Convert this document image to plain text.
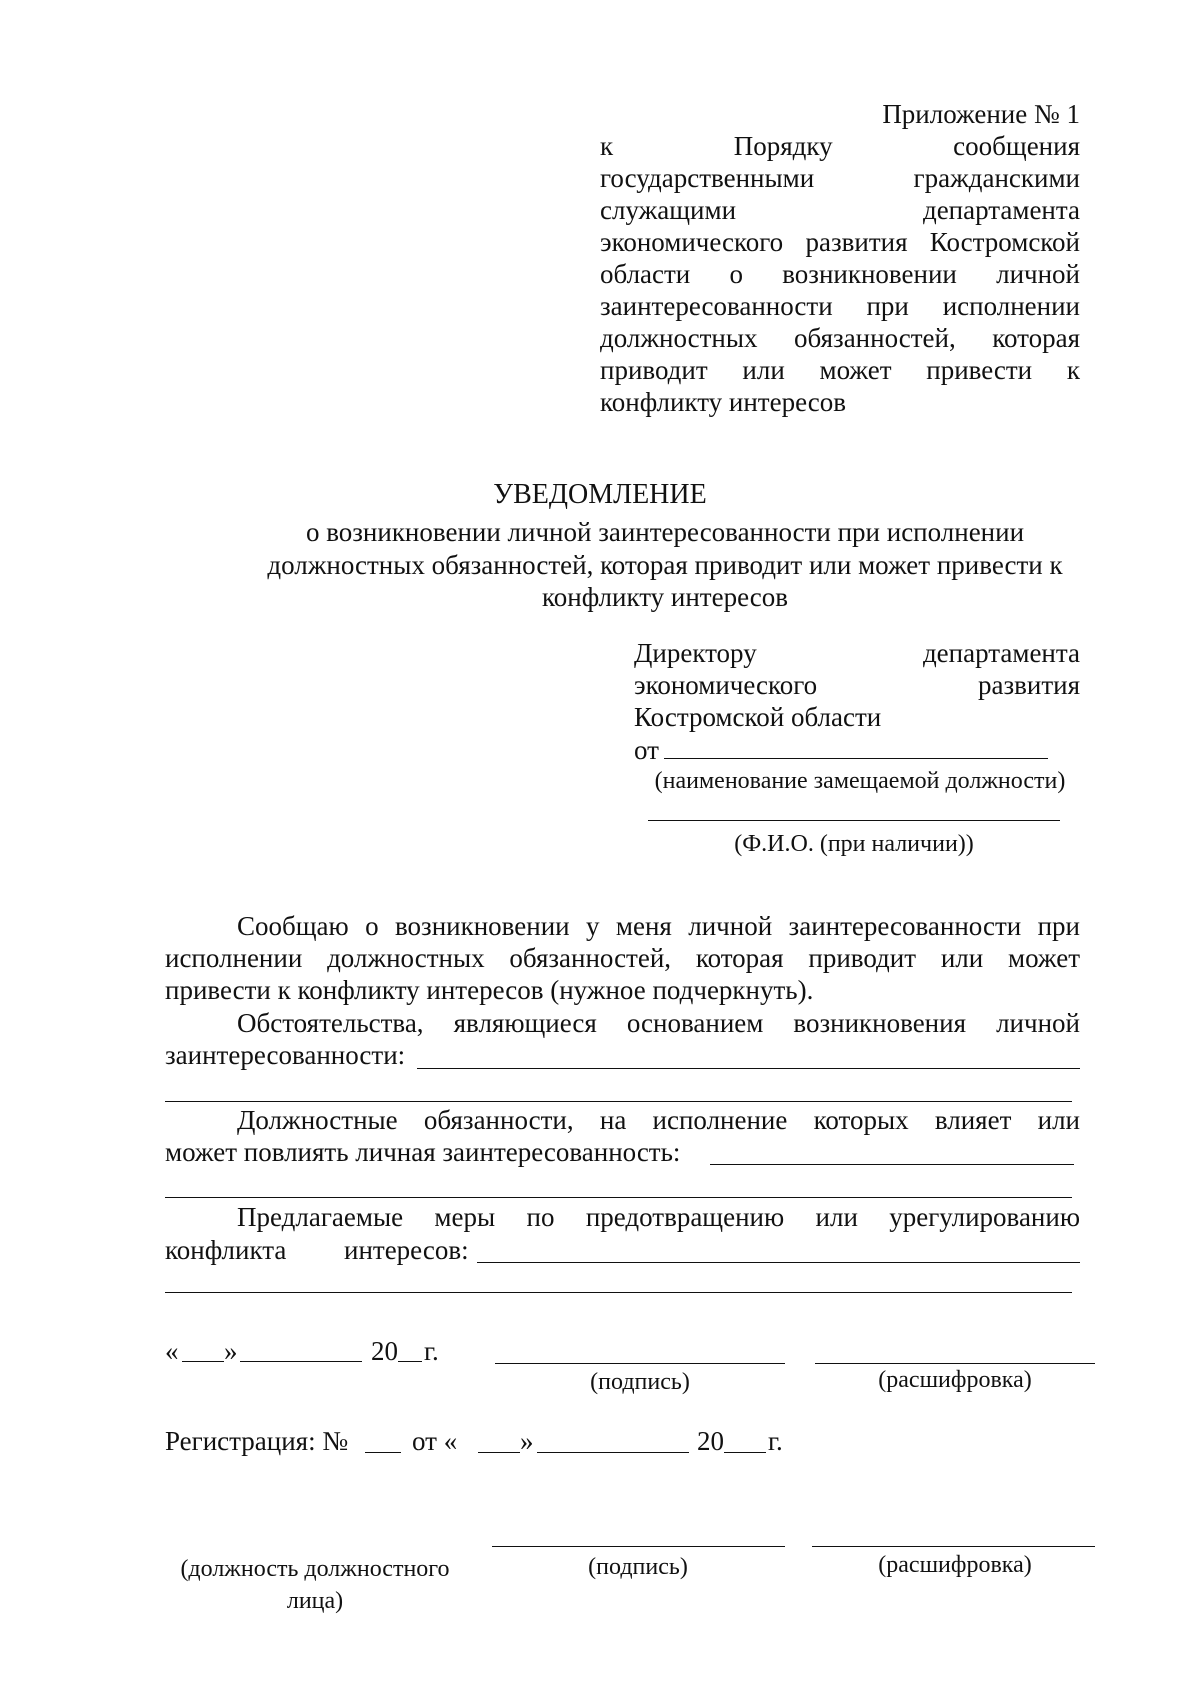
Приложение № 1
к Порядку сообщения
государственными гражданскими
служащими департамента
экономического развития Костромской
области о возникновении личной
заинтересованности при исполнении
должностных обязанностей, которая
приводит или может привести к
конфликту интересов
УВЕДОМЛЕНИЕ
о возникновении личной заинтересованности при исполнении
должностных обязанностей, которая приводит или может привести к
конфликту интересов
Директору департамента
экономического развития
Костромской области
от
(наименование замещаемой должности)
(Ф.И.О. (при наличии))
Сообщаю о возникновении у меня личной заинтересованности при
исполнении должностных обязанностей, которая приводит или может
привести к конфликту интересов (нужное подчеркнуть).
Обстоятельства, являющиеся основанием возникновения личной
заинтересованности:
Должностные обязанности, на исполнение которых влияет или
может повлиять личная заинтересованность:
Предлагаемые меры по предотвращению или урегулированию
конфликта интересов:
« »	20 г.
(подпись)	(расшифровка)
Регистрация: № от « »	20 г.
(должность должностного
лица)
(подпись)	(расшифровка)
